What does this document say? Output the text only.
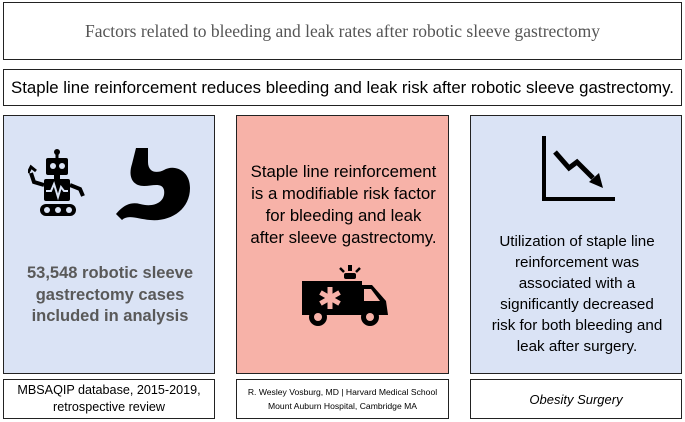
Factors related to bleeding and leak rates after robotic sleeve gastrectomy
Staple line reinforcement reduces bleeding and leak risk after robotic sleeve gastrectomy.
53,548 robotic sleeve
gastrectomy cases
included in analysis
Staple line reinforcement
is a modifiable risk factor
for bleeding and leak
after sleeve gastrectomy.	Utilization of staple line
reinforcement was
associated with a
significantly decreased
risk for both bleeding and
leak after surgery.
MBSAQIP database, 2015-2019,
retrospective review
R. Wesley Vosburg, MD | Harvard Medical School
Mount Auburn Hospital, Cambridge MA	Obesity Surgery
